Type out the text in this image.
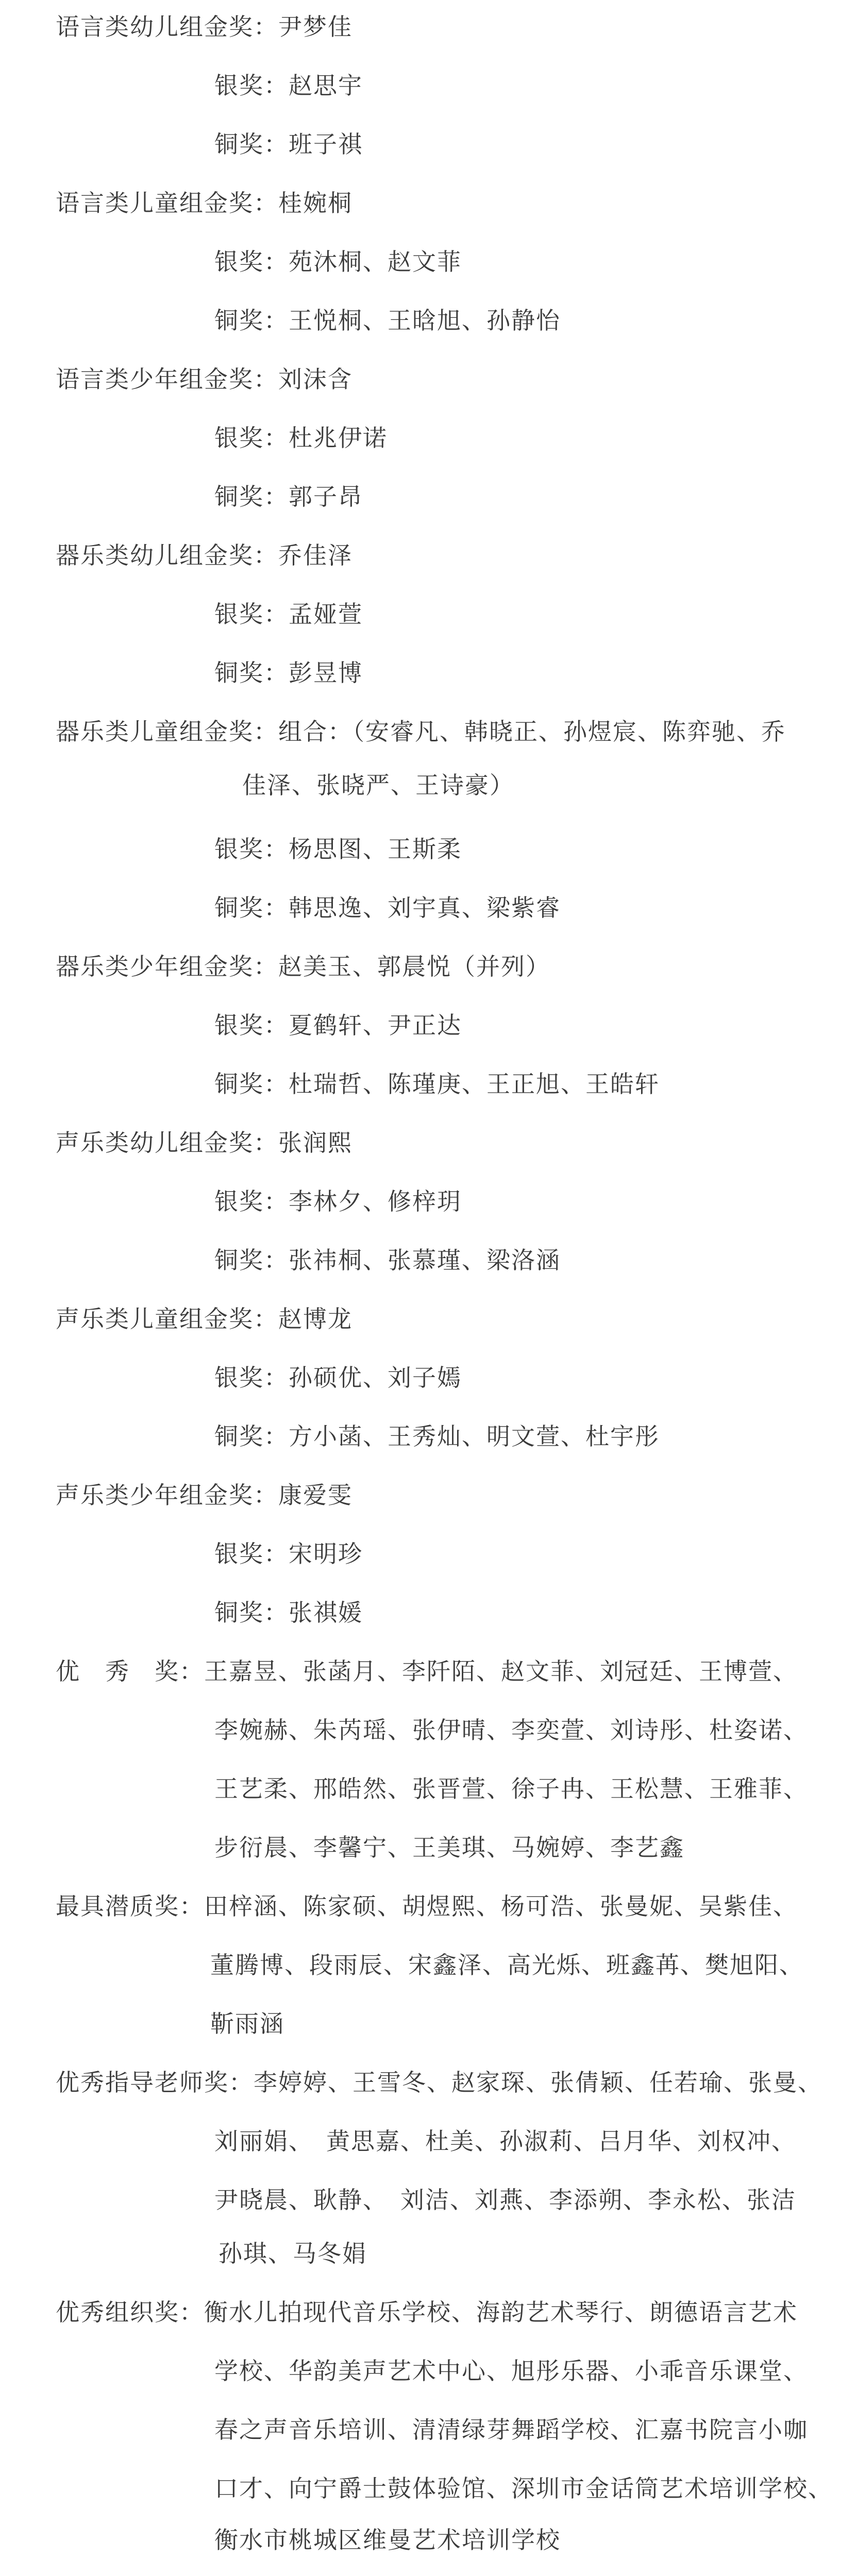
语言类幼儿组金奖：尹梦佳
银奖：赵思宇
铜奖：班子祺
语言类儿童组金奖：桂婉桐
银奖：苑沐桐、赵文菲
铜奖：王悦桐、王晗旭、孙静怡
语言类少年组金奖：刘沫含
银奖：杜兆伊诺
铜奖：郭子昂
器乐类幼儿组金奖：乔佳泽
银奖：孟娅萱
铜奖：彭昱博
器乐类儿童组金奖：组合：（安睿凡、韩晓正、孙煜宸、陈弈驰、乔
佳泽、张晓严、王诗豪）
银奖：杨思图、王斯柔
铜奖：韩思逸、刘宇真、梁紫睿
器乐类少年组金奖：赵美玉、郭晨悦（并列）
银奖：夏鹤轩、尹正达
铜奖：杜瑞哲、陈瑾庚、王正旭、王皓轩
声乐类幼儿组金奖：张润熙
银奖：李林夕、修梓玥
铜奖：张祎桐、张慕瑾、梁洛涵
声乐类儿童组金奖：赵博龙
银奖：孙硕优、刘子嫣
铜奖：方小菡、王秀灿、明文萱、杜宇彤
声乐类少年组金奖：康爱雯
银奖：宋明珍
铜奖：张祺媛
优　秀　奖：王嘉昱、张菡月、李阡陌、赵文菲、刘冠廷、王博萱、
李婉赫、朱芮瑶、张伊晴、李奕萱、刘诗彤、杜姿诺、
王艺柔、邢皓然、张晋萱、徐子冉、王松慧、王雅菲、
步衍晨、李馨宁、王美琪、马婉婷、李艺鑫
最具潜质奖：田梓涵、陈家硕、胡煜熙、杨可浩、张曼妮、吴紫佳、
董腾博、段雨辰、宋鑫泽、高光烁、班鑫苒、樊旭阳、
靳雨涵
优秀指导老师奖：李婷婷、王雪冬、赵家琛、张倩颖、任若瑜、张曼、
刘丽娟、　黄思嘉、杜美、孙淑莉、吕月华、刘权冲、
尹晓晨、耿静、　刘洁、刘燕、李添朔、李永松、张洁
孙琪、马冬娟
优秀组织奖：衡水儿拍现代音乐学校、海韵艺术琴行、朗德语言艺术
学校、华韵美声艺术中心、旭彤乐器、小乖音乐课堂、
春之声音乐培训、清清绿芽舞蹈学校、汇嘉书院言小咖
口才、向宁爵士鼓体验馆、深圳市金话筒艺术培训学校、
衡水市桃城区维曼艺术培训学校
